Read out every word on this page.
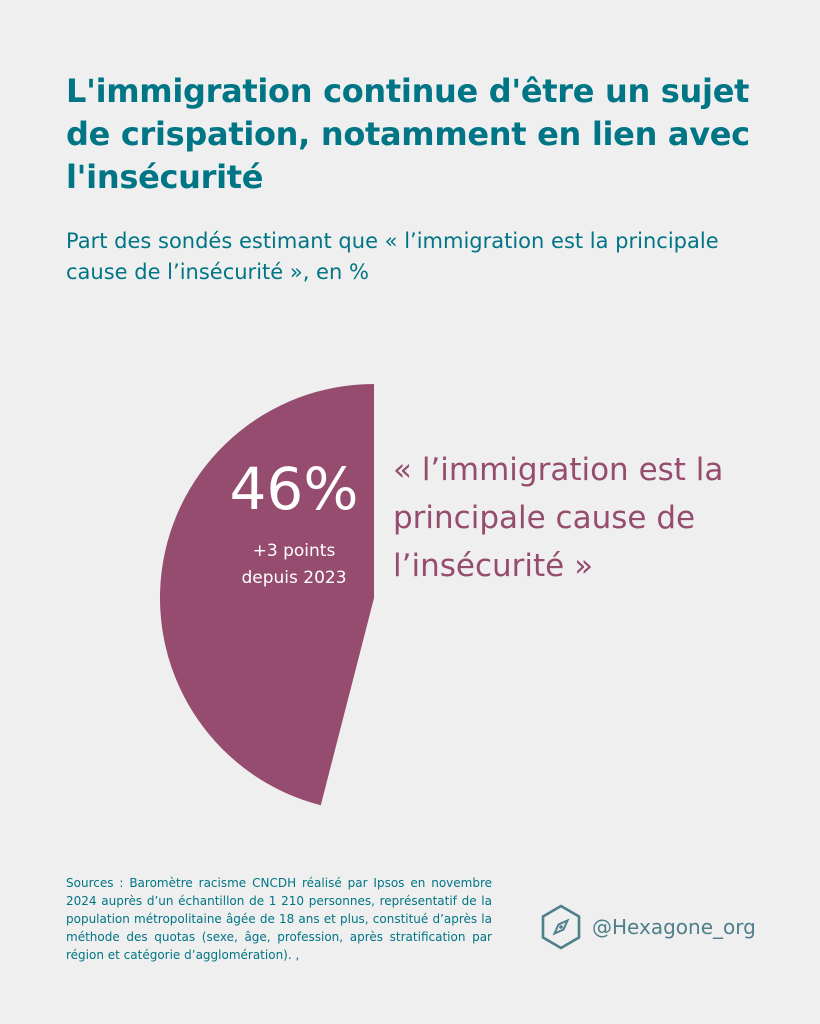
L'immigration continue d'être un sujet de crispation, notamment en lien avec l'insécurité

Part des sondés estimant que « l’immigration est la principale cause de l’insécurité », en %

46%
+3 points
depuis 2023

« l’immigration est la principale cause de l’insécurité »

Sources : Baromètre racisme CNCDH réalisé par Ipsos en novembre 2024 auprès d’un échantillon de 1 210 personnes, représentatif de la population métropolitaine âgée de 18 ans et plus, constitué d’après la méthode des quotas (sexe, âge, profession, après stratification par région et catégorie d’agglomération). ,

@Hexagone_org
